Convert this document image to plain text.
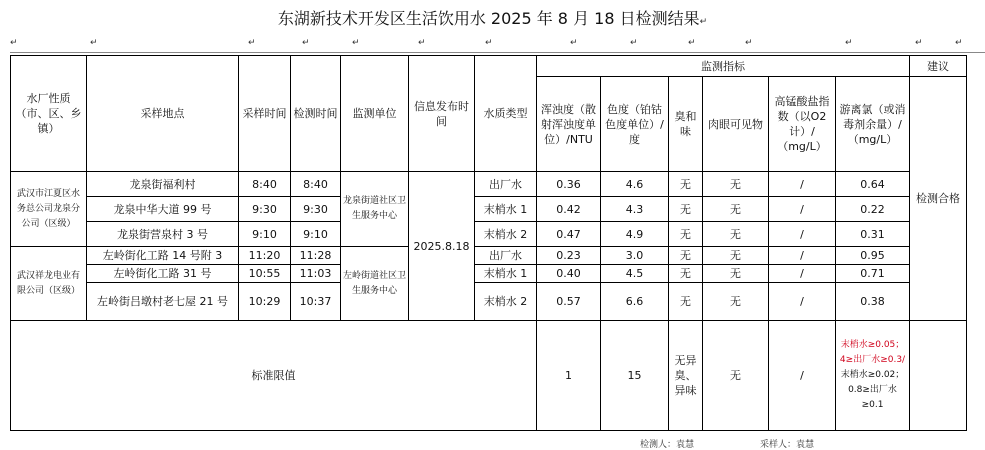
东湖新技术开发区生活饮用水 2025 年 8 月 18 日检测结果↵
↵	↵	↵	↵	↵	↵	↵	↵	↵	↵	↵	↵	↵	↵
水厂性质（市、区、乡镇）	采样地点	采样时间	检测时间	监测单位	信息发布时间	水质类型	监测指标						建议
							浑浊度（散射浑浊度单位）/NTU	色度（铂钴色度单位）/度	臭和味	肉眼可见物	高锰酸盐指数（以O2计）/（mg/L）	游离氯（或消毒剂余量）/（mg/L）	检测合格
武汉市江夏区水务总公司龙泉分公司（区级）	龙泉街福利村	8:40	8:40	龙泉街道社区卫生服务中心	2025.8.18	出厂水	0.36	4.6	无	无	/	0.64	
	龙泉中华大道 99 号	9:30	9:30			末梢水 1	0.42	4.3	无	无	/	0.22	
	龙泉街营泉村 3 号	9:10	9:10			末梢水 2	0.47	4.9	无	无	/	0.31	
武汉祥龙电业有限公司（区级）	左岭街化工路 14 号附 3	11:20	11:28	左岭街道社区卫生服务中心		出厂水	0.23	3.0	无	无	/	0.95	
	左岭街化工路 31 号	10:55	11:03			末梢水 1	0.40	4.5	无	无	/	0.71	
	左岭街吕墩村老七屋 21 号	10:29	10:37			末梢水 2	0.57	6.6	无	无	/	0.38	
标准限值							1	15	无异臭、异味	无	/	末梢水≥0.05；4≥出厂水≥0.3/
末梢水≥0.02；0.8≥出厂水≥0.1	

检测人：袁慧	采样人：袁慧
